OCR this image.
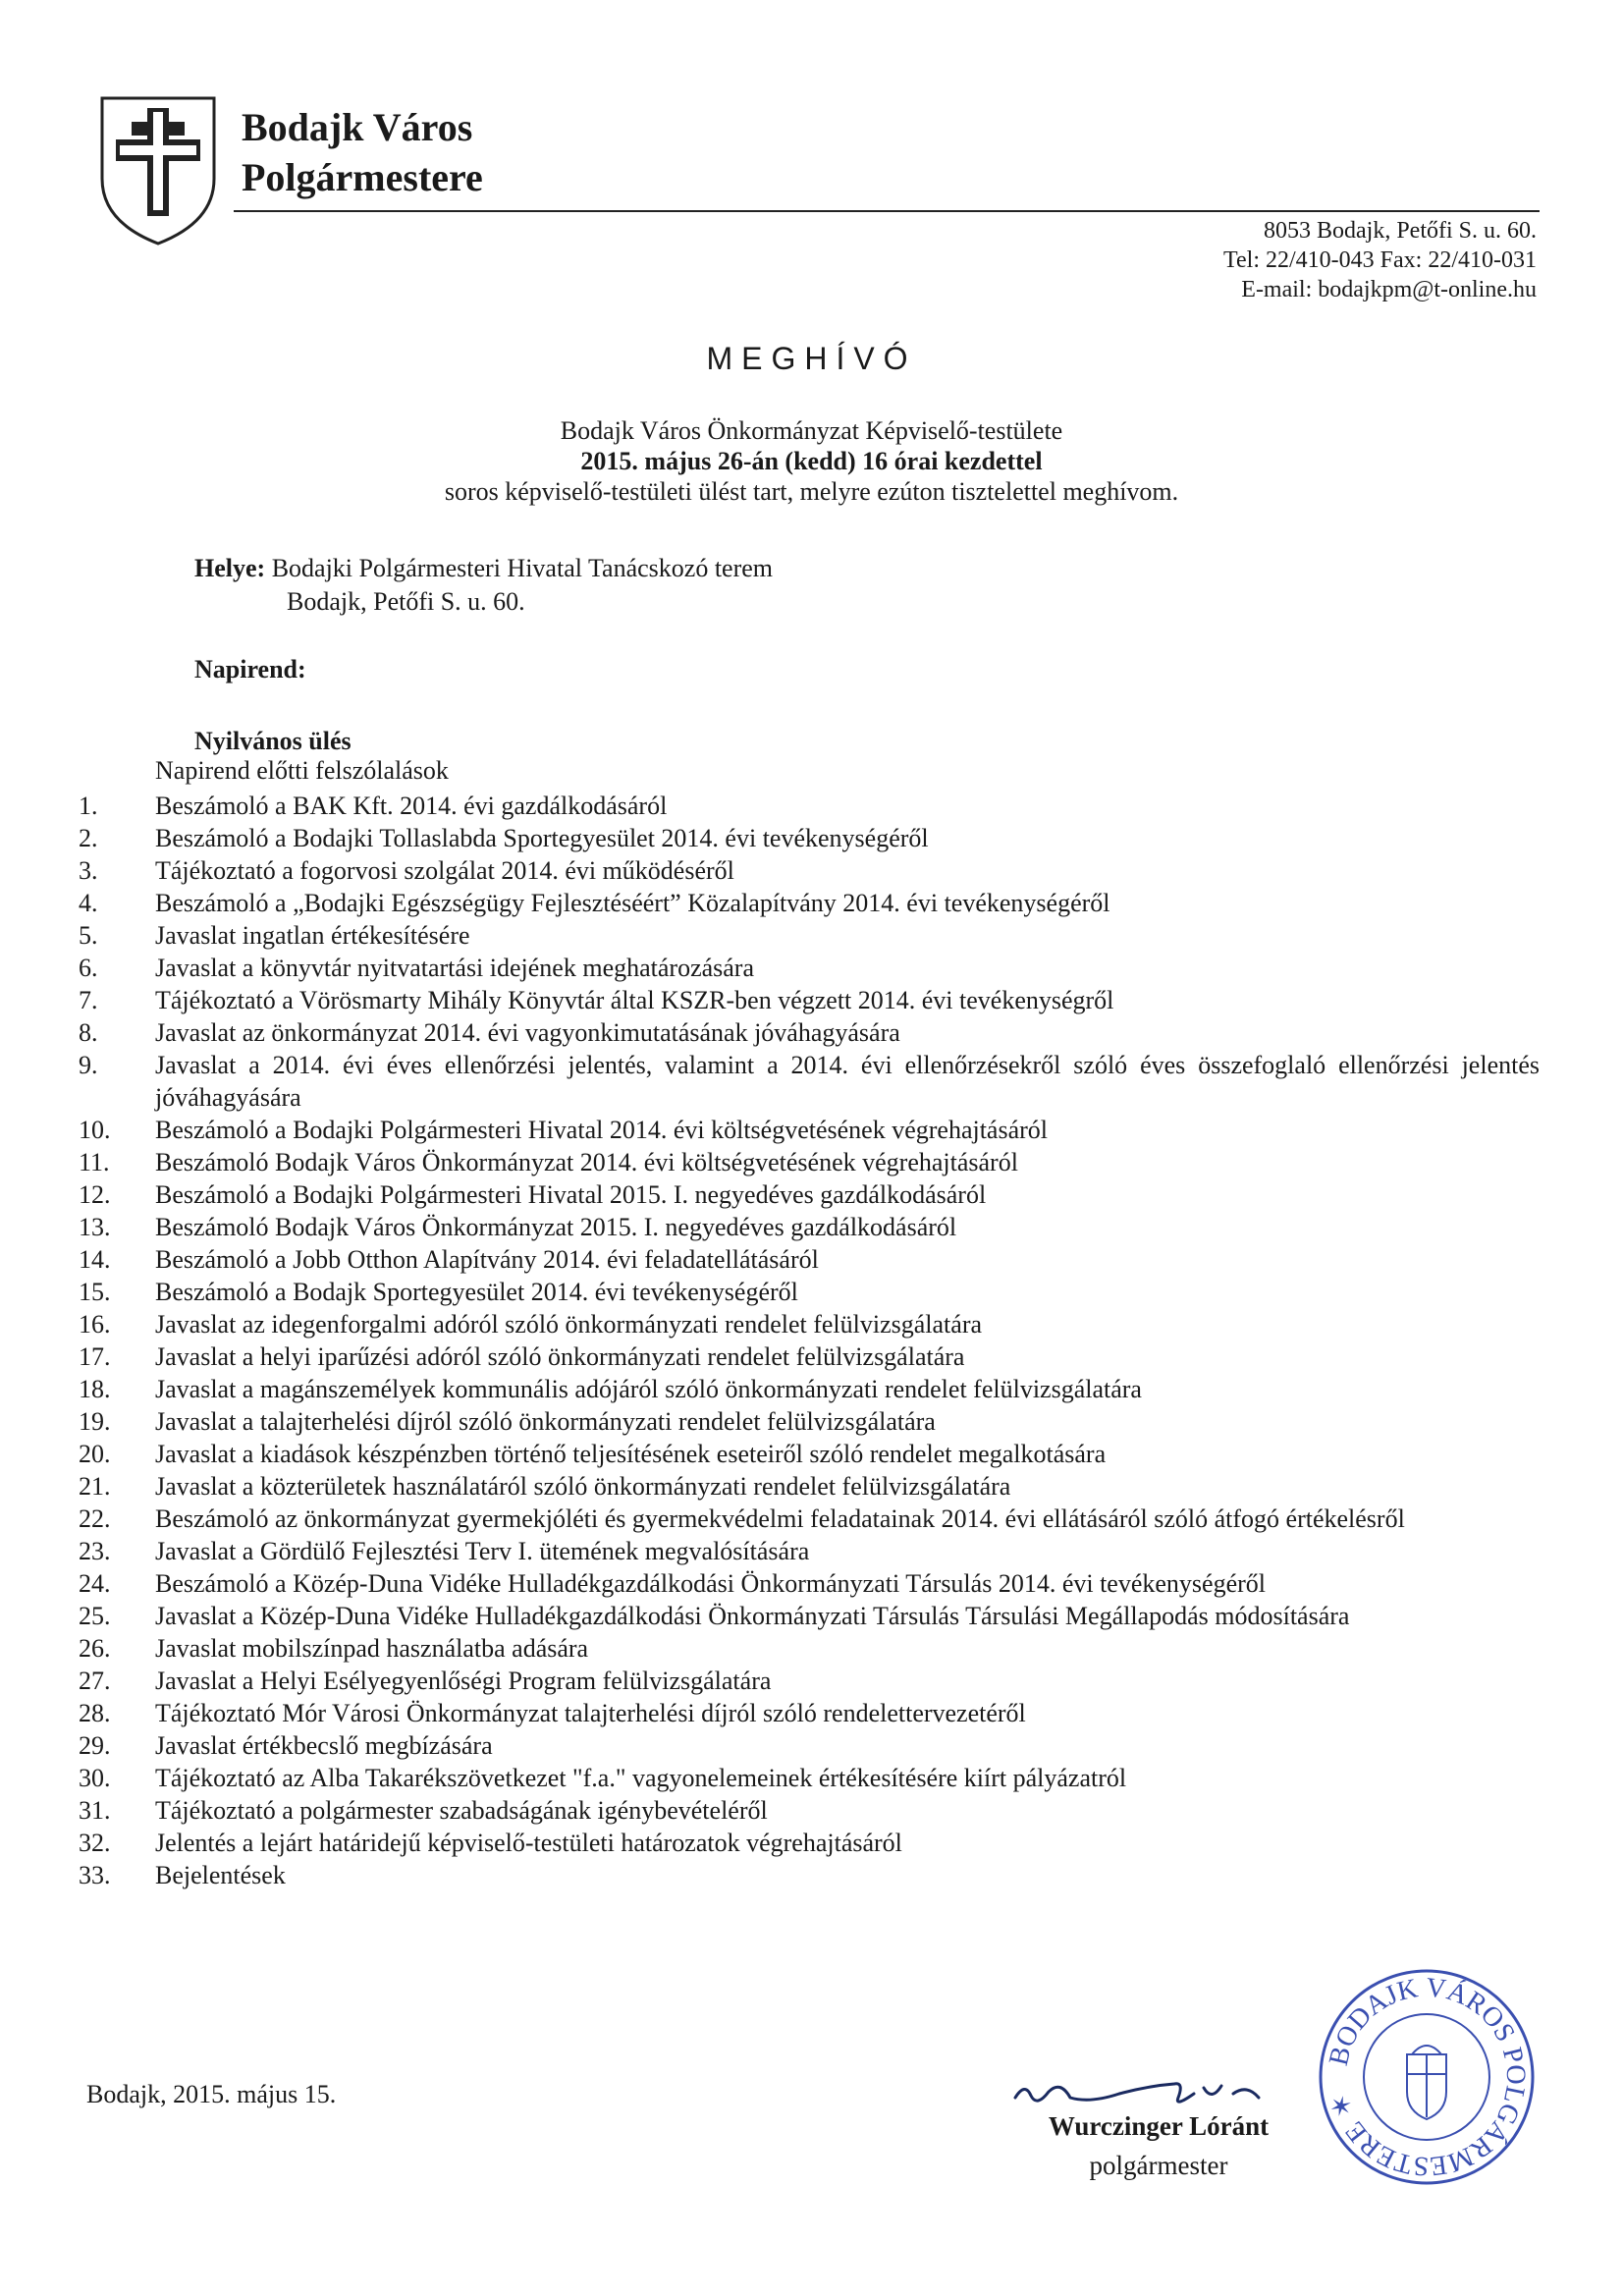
Bodajk Város
Polgármestere
8053 Bodajk, Petőfi S. u. 60.
Tel: 22/410-043 Fax: 22/410-031
E-mail: bodajkpm@t-online.hu
MEGHÍVÓ
Bodajk Város Önkormányzat Képviselő-testülete
2015. május 26-án (kedd) 16 órai kezdettel
soros képviselő-testületi ülést tart, melyre ezúton tisztelettel meghívom.
Helye: Bodajki Polgármesteri Hivatal Tanácskozó terem
Bodajk, Petőfi S. u. 60.
Napirend:
Nyilvános ülés
Napirend előtti felszólalások
1.	Beszámoló a BAK Kft. 2014. évi gazdálkodásáról
2.	Beszámoló a Bodajki Tollaslabda Sportegyesület 2014. évi tevékenységéről
3.	Tájékoztató a fogorvosi szolgálat 2014. évi működéséről
4.	Beszámoló a „Bodajki Egészségügy Fejlesztéséért” Közalapítvány 2014. évi tevékenységéről
5.	Javaslat ingatlan értékesítésére
6.	Javaslat a könyvtár nyitvatartási idejének meghatározására
7.	Tájékoztató a Vörösmarty Mihály Könyvtár által KSZR-ben végzett 2014. évi tevékenységről
8.	Javaslat az önkormányzat 2014. évi vagyonkimutatásának jóváhagyására
9.	Javaslat a 2014. évi éves ellenőrzési jelentés, valamint a 2014. évi ellenőrzésekről szóló éves összefoglaló ellenőrzési jelentés jóváhagyására
10.	Beszámoló a Bodajki Polgármesteri Hivatal 2014. évi költségvetésének végrehajtásáról
11.	Beszámoló Bodajk Város Önkormányzat 2014. évi költségvetésének végrehajtásáról
12.	Beszámoló a Bodajki Polgármesteri Hivatal 2015. I. negyedéves gazdálkodásáról
13.	Beszámoló Bodajk Város Önkormányzat 2015. I. negyedéves gazdálkodásáról
14.	Beszámoló a Jobb Otthon Alapítvány 2014. évi feladatellátásáról
15.	Beszámoló a Bodajk Sportegyesület 2014. évi tevékenységéről
16.	Javaslat az idegenforgalmi adóról szóló önkormányzati rendelet felülvizsgálatára
17.	Javaslat a helyi iparűzési adóról szóló önkormányzati rendelet felülvizsgálatára
18.	Javaslat a magánszemélyek kommunális adójáról szóló önkormányzati rendelet felülvizsgálatára
19.	Javaslat a talajterhelési díjról szóló önkormányzati rendelet felülvizsgálatára
20.	Javaslat a kiadások készpénzben történő teljesítésének eseteiről szóló rendelet megalkotására
21.	Javaslat a közterületek használatáról szóló önkormányzati rendelet felülvizsgálatára
22.	Beszámoló az önkormányzat gyermekjóléti és gyermekvédelmi feladatainak 2014. évi ellátásáról szóló átfogó értékelésről
23.	Javaslat a Gördülő Fejlesztési Terv I. ütemének megvalósítására
24.	Beszámoló a Közép-Duna Vidéke Hulladékgazdálkodási Önkormányzati Társulás 2014. évi tevékenységéről
25.	Javaslat a Közép-Duna Vidéke Hulladékgazdálkodási Önkormányzati Társulás Társulási Megállapodás módosítására
26.	Javaslat mobilszínpad használatba adására
27.	Javaslat a Helyi Esélyegyenlőségi Program felülvizsgálatára
28.	Tájékoztató Mór Városi Önkormányzat talajterhelési díjról szóló rendelettervezetéről
29.	Javaslat értékbecslő megbízására
30.	Tájékoztató az Alba Takarékszövetkezet "f.a." vagyonelemeinek értékesítésére kiírt pályázatról
31.	Tájékoztató a polgármester szabadságának igénybevételéről
32.	Jelentés a lejárt határidejű képviselő-testületi határozatok végrehajtásáról
33.	Bejelentések
Bodajk, 2015. május 15.
Wurczinger Lóránt
polgármester
BODAJK VÁROS POLGÁRMESTERE ✶
